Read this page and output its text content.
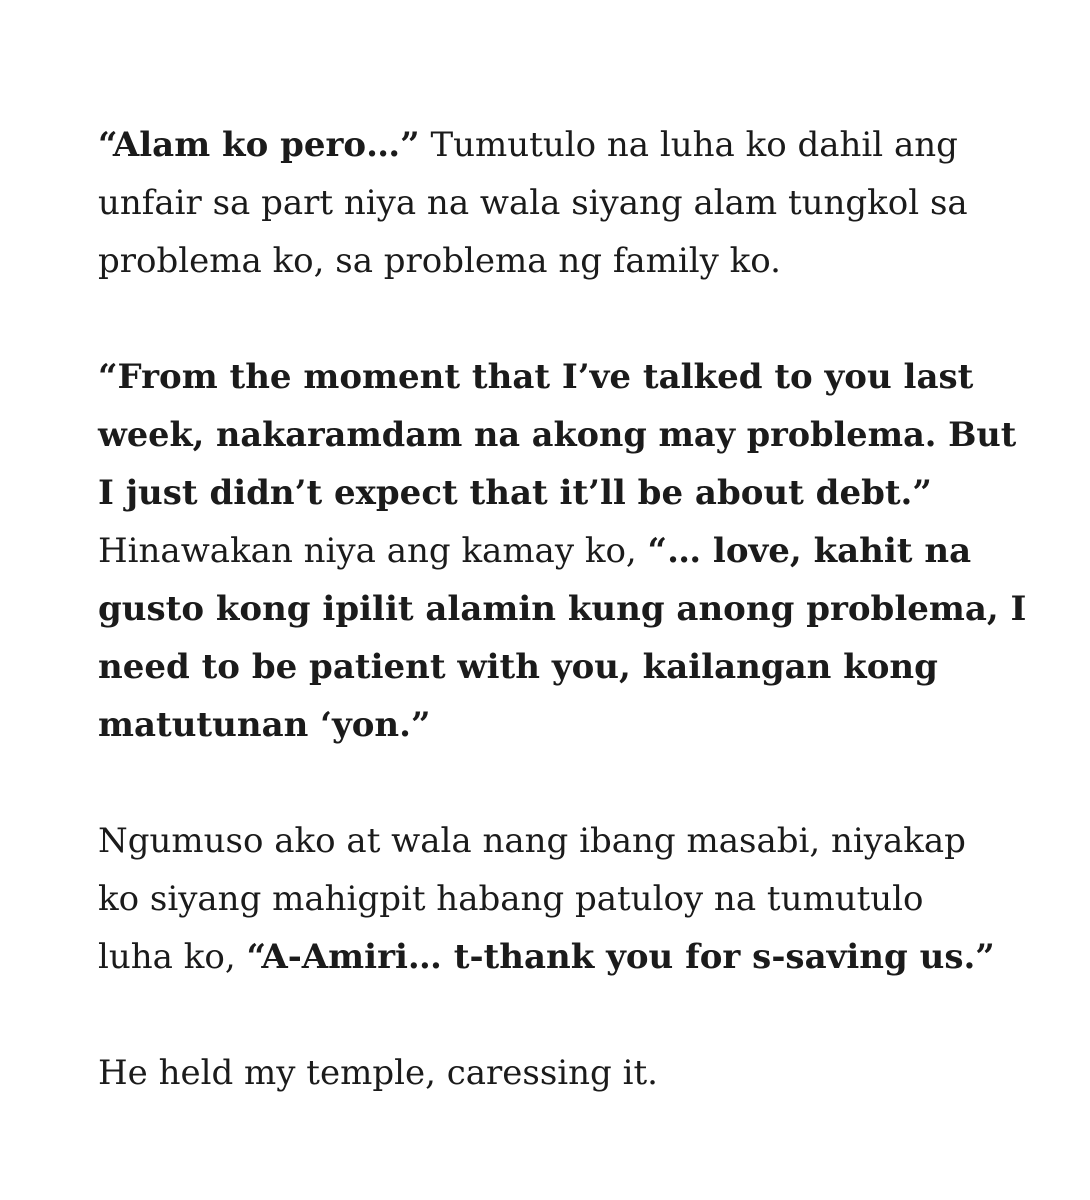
“Alam ko pero…” Tumutulo na luha ko dahil ang
unfair sa part niya na wala siyang alam tungkol sa
problema ko, sa problema ng family ko.

“From the moment that I’ve talked to you last
week, nakaramdam na akong may problema. But
I just didn’t expect that it’ll be about debt.”
Hinawakan niya ang kamay ko, “… love, kahit na
gusto kong ipilit alamin kung anong problema, I
need to be patient with you, kailangan kong
matutunan ‘yon.”

Ngumuso ako at wala nang ibang masabi, niyakap
ko siyang mahigpit habang patuloy na tumutulo
luha ko, “A-Amiri… t-thank you for s-saving us.”

He held my temple, caressing it.
